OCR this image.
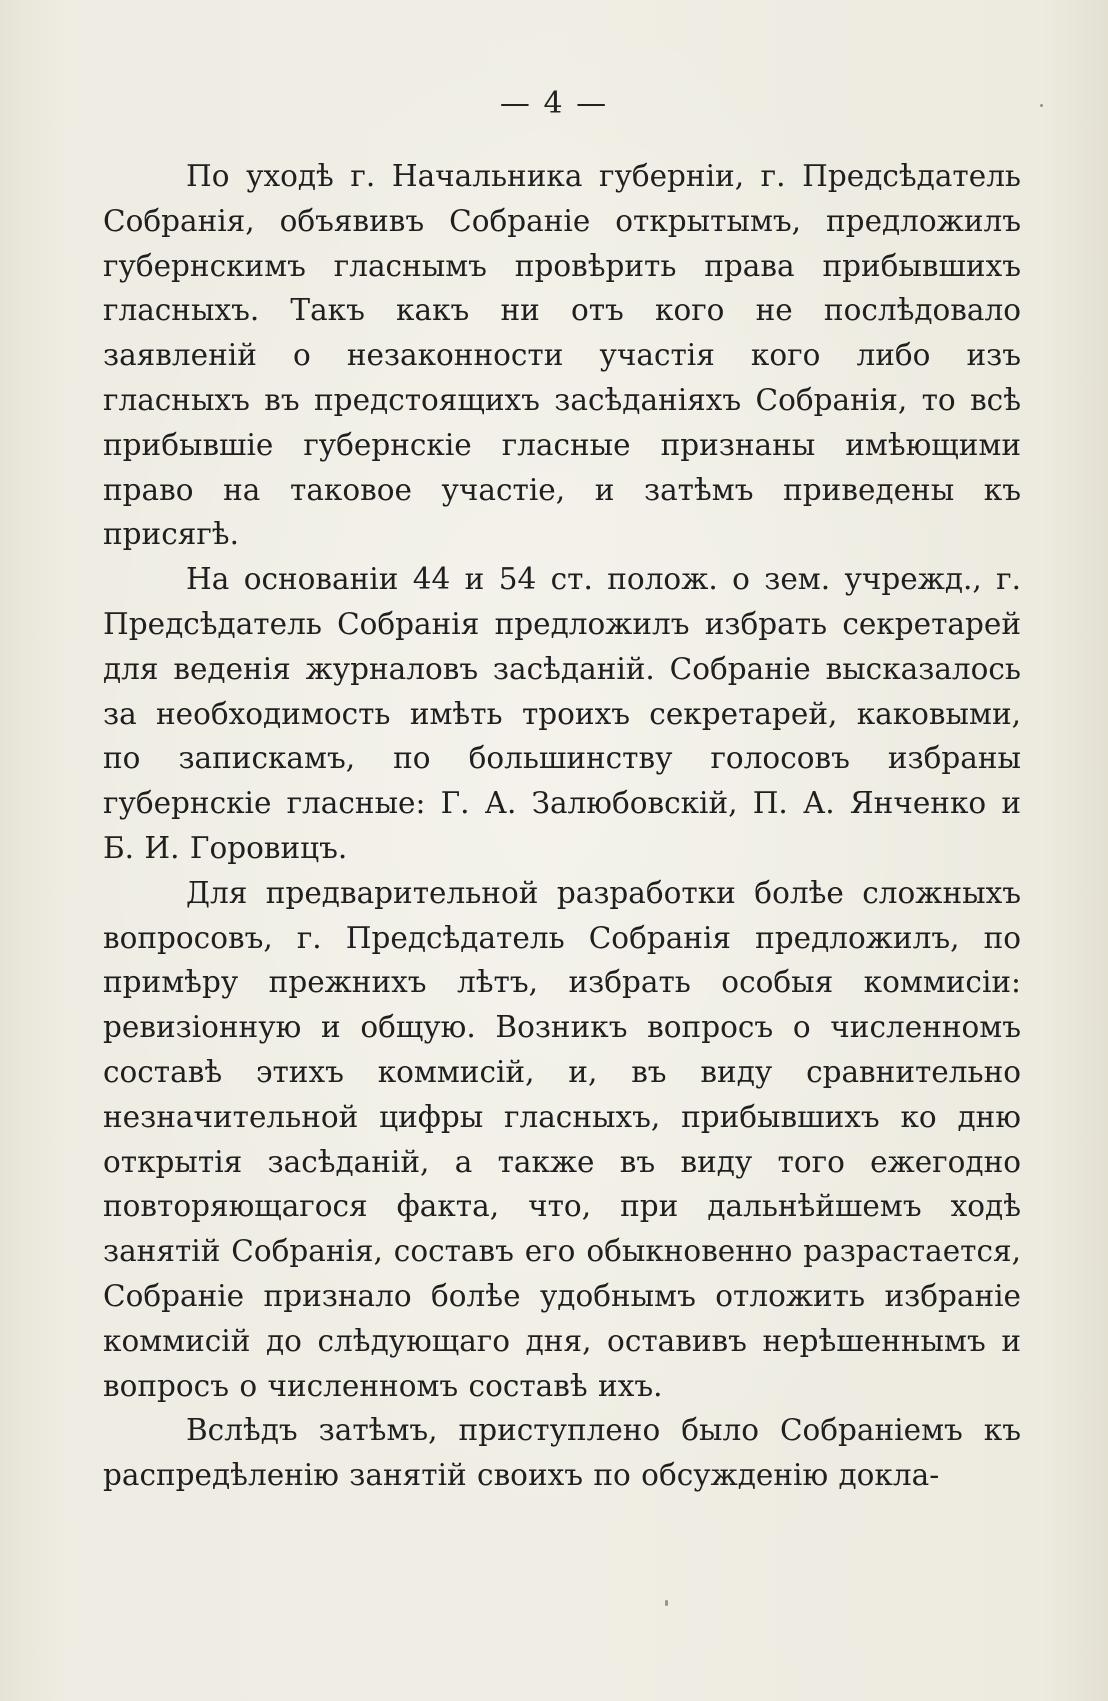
— 4 —

По уходѣ г. Начальника губерніи, г. Предсѣдатель Собранія, объявивъ Собраніе открытымъ, предложилъ губернскимъ гласнымъ провѣрить права прибывшихъ гласныхъ. Такъ какъ ни отъ кого не послѣдовало заявленій о незаконности участія кого либо изъ гласныхъ въ предстоящихъ засѣданіяхъ Собранія, то всѣ прибывшіе губернскіе гласные признаны имѣющими право на таковое участіе, и затѣмъ приведены къ присягѣ.

На основаніи 44 и 54 ст. полож. о зем. учрежд., г. Предсѣдатель Собранія предложилъ избрать секретарей для веденія журналовъ засѣданій. Собраніе высказалось за необходимость имѣть троихъ секретарей, каковыми, по запискамъ, по большинству голосовъ избраны губернскіе гласные: Г. А. Залюбовскій, П. А. Янченко и Б. И. Горовицъ.

Для предварительной разработки болѣе сложныхъ вопросовъ, г. Предсѣдатель Собранія предложилъ, по примѣру прежнихъ лѣтъ, избрать особыя коммисіи: ревизіонную и общую. Возникъ вопросъ о численномъ составѣ этихъ коммисій, и, въ виду сравнительно незначительной цифры гласныхъ, прибывшихъ ко дню открытія засѣданій, а также въ виду того ежегодно повторяющагося факта, что, при дальнѣйшемъ ходѣ занятій Собранія, составъ его обыкновенно разрастается, Собраніе признало болѣе удобнымъ отложить избраніе коммисій до слѣдующаго дня, оставивъ нерѣшеннымъ и вопросъ о численномъ составѣ ихъ.

Вслѣдъ затѣмъ, приступлено было Собраніемъ къ распредѣленію занятій своихъ по обсужденію докла-
